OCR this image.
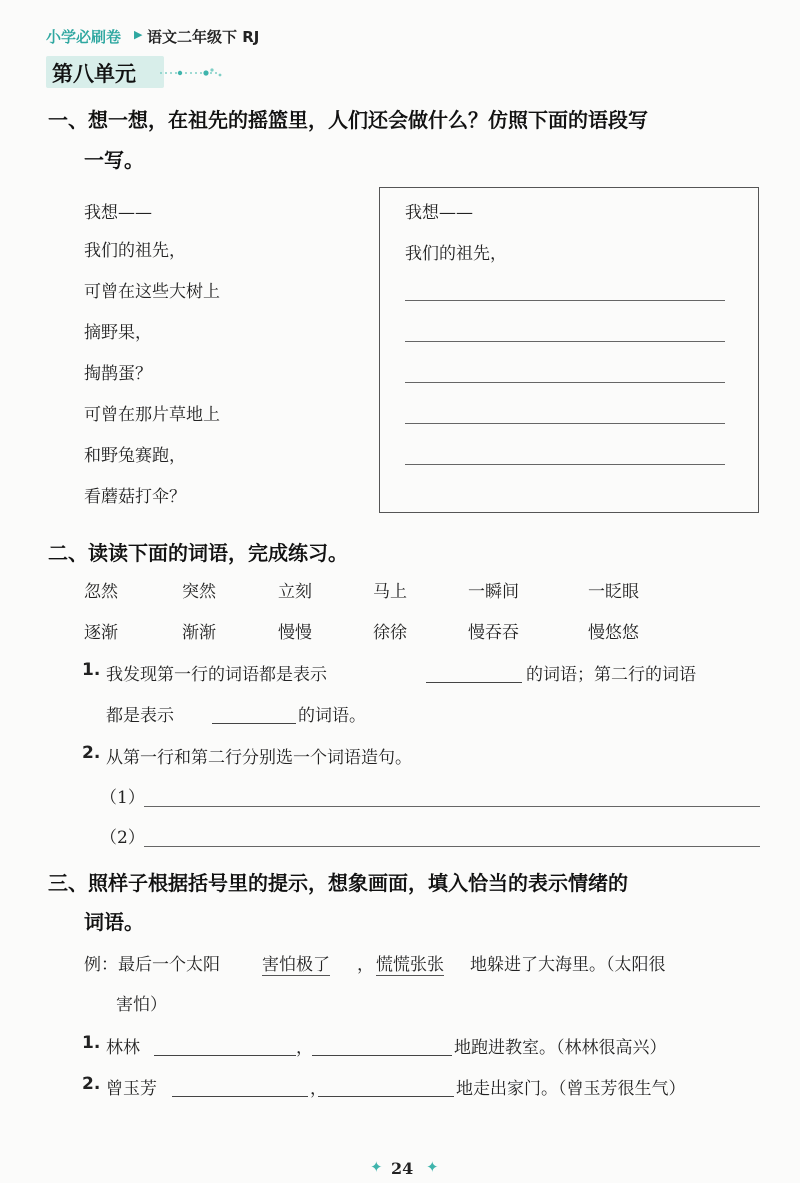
小学必刷卷 ▶ 语文二年级下 RJ
第八单元
一、想一想，在祖先的摇篮里，人们还会做什么？仿照下面的语段写
一写。
我想——
我们的祖先，
可曾在这些大树上
摘野果，
掏鹊蛋？
可曾在那片草地上
和野兔赛跑，
看蘑菇打伞？
我想——
我们的祖先，
二、读读下面的词语，完成练习。
忽然	突然	立刻	马上	一瞬间	一眨眼
逐渐	渐渐	慢慢	徐徐	慢吞吞	慢悠悠
1. 我发现第一行的词语都是表示	的词语；第二行的词语
都是表示	的词语。
2. 从第一行和第二行分别选一个词语造句。
（1）
（2）
三、照样子根据括号里的提示，想象画面，填入恰当的表示情绪的
词语。
例：最后一个太阳 害怕极了 ， 慌慌张张 地躲进了大海里。（太阳很
害怕）
1. 林林	，	地跑进教室。（林林很高兴）
2. 曾玉芳	，	地走出家门。（曾玉芳很生气）
✦ 24 ✦
